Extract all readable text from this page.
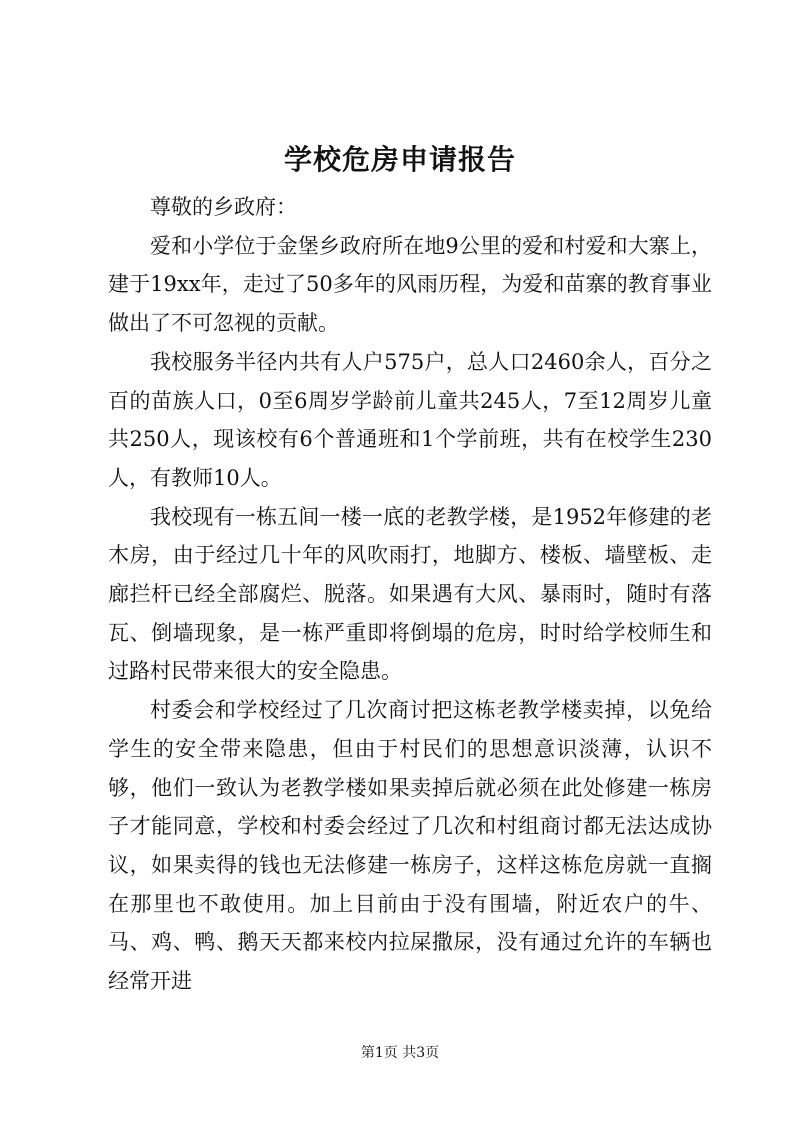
学校危房申请报告

尊敬的乡政府：

爱和小学位于金堡乡政府所在地9公里的爱和村爱和大寨上，建于19xx年，走过了50多年的风雨历程，为爱和苗寨的教育事业做出了不可忽视的贡献。

我校服务半径内共有人户575户，总人口2460余人，百分之百的苗族人口，0至6周岁学龄前儿童共245人，7至12周岁儿童共250人，现该校有6个普通班和1个学前班，共有在校学生230人，有教师10人。

我校现有一栋五间一楼一底的老教学楼，是1952年修建的老木房，由于经过几十年的风吹雨打，地脚方、楼板、墙壁板、走廊拦杆已经全部腐烂、脱落。如果遇有大风、暴雨时，随时有落瓦、倒墙现象，是一栋严重即将倒塌的危房，时时给学校师生和过路村民带来很大的安全隐患。

村委会和学校经过了几次商讨把这栋老教学楼卖掉，以免给学生的安全带来隐患，但由于村民们的思想意识淡薄，认识不够，他们一致认为老教学楼如果卖掉后就必须在此处修建一栋房子才能同意，学校和村委会经过了几次和村组商讨都无法达成协议，如果卖得的钱也无法修建一栋房子，这样这栋危房就一直搁在那里也不敢使用。加上目前由于没有围墙，附近农户的牛、马、鸡、鸭、鹅天天都来校内拉屎撒尿，没有通过允许的车辆也经常开进

第1页 共3页
